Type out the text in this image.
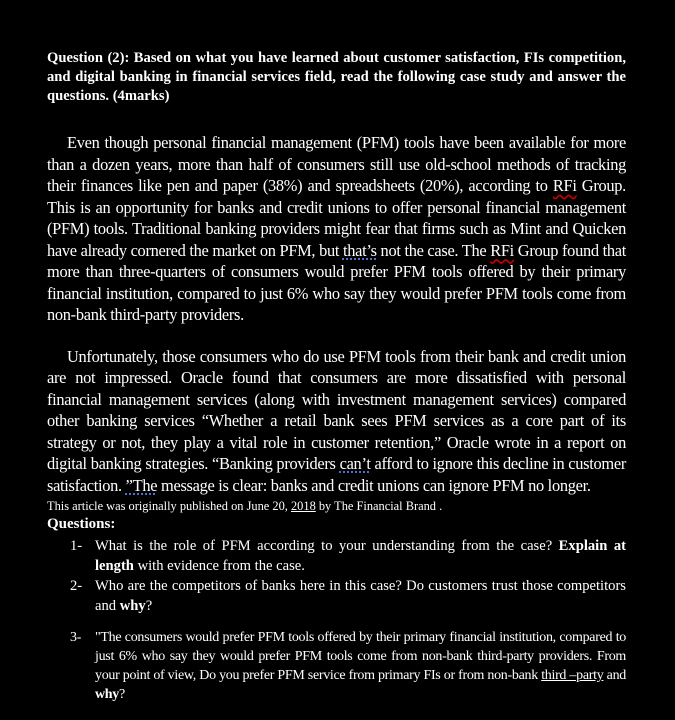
Question (2): Based on what you have learned about customer satisfaction, FIs competition, and digital banking in financial services field, read the following case study and answer the questions. (4marks)

Even though personal financial management (PFM) tools have been available for more than a dozen years, more than half of consumers still use old-school methods of tracking their finances like pen and paper (38%) and spreadsheets (20%), according to RFi Group. This is an opportunity for banks and credit unions to offer personal financial management (PFM) tools. Traditional banking providers might fear that firms such as Mint and Quicken have already cornered the market on PFM, but that’s not the case. The RFi Group found that more than three-quarters of consumers would prefer PFM tools offered by their primary financial institution, compared to just 6% who say they would prefer PFM tools come from non-bank third-party providers.

Unfortunately, those consumers who do use PFM tools from their bank and credit union are not impressed. Oracle found that consumers are more dissatisfied with personal financial management services (along with investment management services) compared other banking services “Whether a retail bank sees PFM services as a core part of its strategy or not, they play a vital role in customer retention,” Oracle wrote in a report on digital banking strategies. “Banking providers can’t afford to ignore this decline in customer satisfaction. ”The message is clear: banks and credit unions can ignore PFM no longer.

This article was originally published on June 20, 2018 by The Financial Brand .

Questions:

1- What is the role of PFM according to your understanding from the case? Explain at length with evidence from the case.
2- Who are the competitors of banks here in this case? Do customers trust those competitors and why?
3- "The consumers would prefer PFM tools offered by their primary financial institution, compared to just 6% who say they would prefer PFM tools come from non-bank third-party providers. From your point of view, Do you prefer PFM service from primary FIs or from non-bank third –party and why?
